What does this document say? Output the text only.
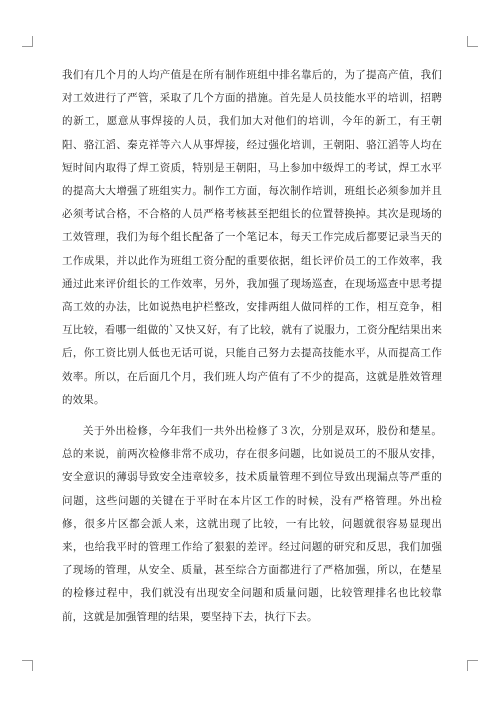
我们有几个月的人均产值是在所有制作班组中排名靠后的，为了提高产值，我们对工效进行了严管，采取了几个方面的措施。首先是人员技能水平的培训，招聘的新工，愿意从事焊接的人员，我们加大对他们的培训，今年的新工，有王朝阳、骆江滔、秦克祥等六人从事焊接，经过强化培训，王朝阳、骆江滔等人均在短时间内取得了焊工资质，特别是王朝阳，马上参加中级焊工的考试，焊工水平的提高大大增强了班组实力。制作工方面，每次制作培训，班组长必须参加并且必须考试合格，不合格的人员严格考核甚至把组长的位置替换掉。其次是现场的工效管理，我们为每个组长配备了一个笔记本，每天工作完成后都要记录当天的工作成果，并以此作为班组工资分配的重要依据，组长评价员工的工作效率，我通过此来评价组长的工作效率，另外，我加强了现场巡查，在现场巡查中思考提高工效的办法，比如说热电护栏整改，安排两组人做同样的工作，相互竞争，相互比较，看哪一组做的`又快又好，有了比较，就有了说服力，工资分配结果出来后，你工资比别人低也无话可说，只能自己努力去提高技能水平，从而提高工作效率。所以，在后面几个月，我们班人均产值有了不少的提高，这就是胜效管理的效果。

关于外出检修，今年我们一共外出检修了３次，分别是双环，股份和楚星。总的来说，前两次检修非常不成功，存在很多问题，比如说员工的不服从安排，安全意识的薄弱导致安全违章较多，技术质量管理不到位导致出现漏点等严重的问题，这些问题的关键在于平时在本片区工作的时候，没有严格管理。外出检修，很多片区都会派人来，这就出现了比较，一有比较，问题就很容易显现出来，也给我平时的管理工作给了狠狠的差评。经过问题的研究和反思，我们加强了现场的管理，从安全、质量，甚至综合方面都进行了严格加强，所以，在楚星的检修过程中，我们就没有出现安全问题和质量问题，比较管理排名也比较靠前，这就是加强管理的结果，要坚持下去，执行下去。
